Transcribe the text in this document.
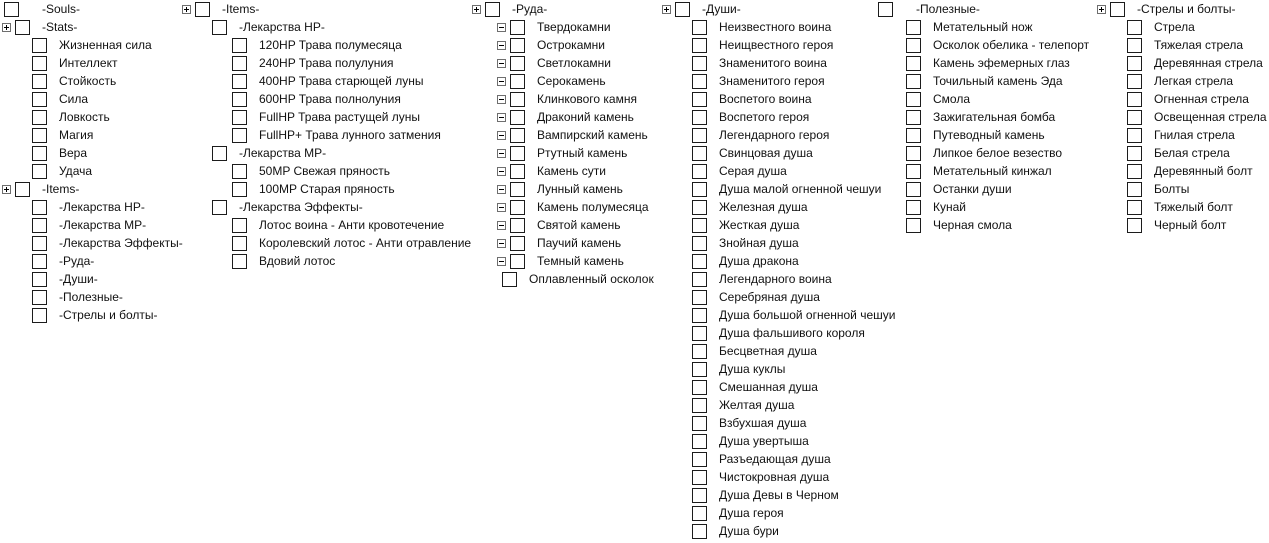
-Souls-
-Stats-
Жизненная сила
Интеллект
Стойкость
Сила
Ловкость
Магия
Вера
Удача
-Items-
-Лекарства HP-
-Лекарства MP-
-Лекарства Эффекты-
-Руда-
-Души-
-Полезные-
-Стрелы и болты-
-Items-
-Лекарства HP-
120HP Трава полумесяца
240HP Трава полулуния
400HP Трава старющей луны
600HP Трава полнолуния
FullHP Трава растущей луны
FullHP+ Трава лунного затмения
-Лекарства MP-
50MP Свежая пряность
100MP Старая пряность
-Лекарства Эффекты-
Лотос воина - Анти кровотечение
Королевский лотос - Анти отравление
Вдовий лотос
-Руда-
Твердокамни
Острокамни
Светлокамни
Серокамень
Клинкового камня
Драконий камень
Вампирский камень
Ртутный камень
Камень сути
Лунный камень
Камень полумесяца
Святой камень
Паучий камень
Темный камень
Оплавленный осколок
-Души-
Неизвестного воина
Неищвестного героя
Знаменитого воина
Знаменитого героя
Воспетого воина
Воспетого героя
Легендарного героя
Свинцовая душа
Серая душа
Душа малой огненной чешуи
Железная душа
Жесткая душа
Знойная душа
Душа дракона
Легендарного воина
Серебряная душа
Душа большой огненной чешуи
Душа фальшивого короля
Бесцветная душа
Душа куклы
Смешанная душа
Желтая душа
Взбухшая душа
Душа увертыша
Разъедающая душа
Чистокровная душа
Душа Девы в Черном
Душа героя
Душа бури
-Полезные-
Метательный нож
Осколок обелика - телепорт
Камень эфемерных глаз
Точильный камень Эда
Смола
Зажигательная бомба
Путеводный камень
Липкое белое везество
Метательный кинжал
Останки души
Кунай
Черная смола
-Стрелы и болты-
Стрела
Тяжелая стрела
Деревянная стрела
Легкая стрела
Огненная стрела
Освещенная стрела
Гнилая стрела
Белая стрела
Деревянный болт
Болты
Тяжелый болт
Черный болт
